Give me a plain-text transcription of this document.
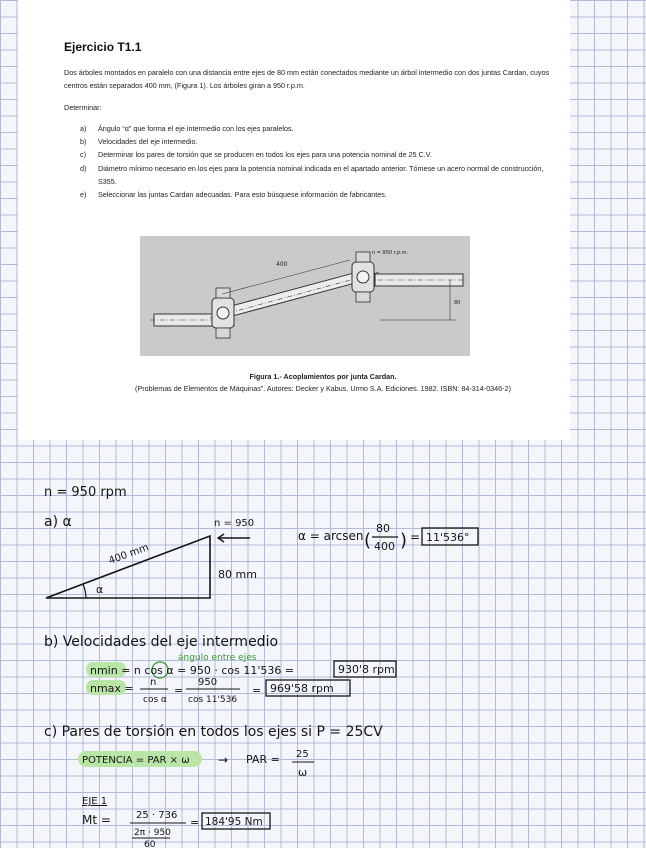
Ejercicio T1.1

Dos árboles montados en paralelo con una distancia entre ejes de 80 mm están conectados mediante un árbol intermedio con dos juntas Cardan, cuyos centros están separados 400 mm, (Figura 1). Los árboles giran a 950 r.p.m.

Determinar:

a) Ángulo “α” que forma el eje intermedio con los ejes paralelos.
b) Velocidades del eje intermedio.
c) Determinar los pares de torsión que se producen en todos los ejes para una potencia nominal de 25 C.V.
d) Diámetro mínimo necesario en los ejes para la potencia nominal indicada en el apartado anterior. Tómese un acero normal de construcción, S355.
e) Seleccionar las juntas Cardan adecuadas. Para esto búsquese información de fabricantes.
400
n = 950 r.p.m.
80
Figura 1.- Acoplamientos por junta Cardan.
(Problemas de Elementos de Máquinas”. Autores: Decker y Kabus. Urmo S.A. Ediciones. 1982. ISBN: 84-314-0346-2)
n = 950 rpm
a) α
α
400 mm
80 mm
n = 950
α = arcsen (
80
400 ) = 11'536°
b) Velocidades del eje intermedio
ángulo entre ejes
nmin = n cos α = 950 · cos 11'536 =	930'8 rpm
nmax = n
cos α
=
950
cos 11'536
= 969'58 rpm
c) Pares de torsión en todos los ejes si P = 25CV
POTENCIA = PAR × ω → PAR = 25
ω
EJE 1
Mt =	25 · 736
2π · 950
60
= 184'95 Nm
